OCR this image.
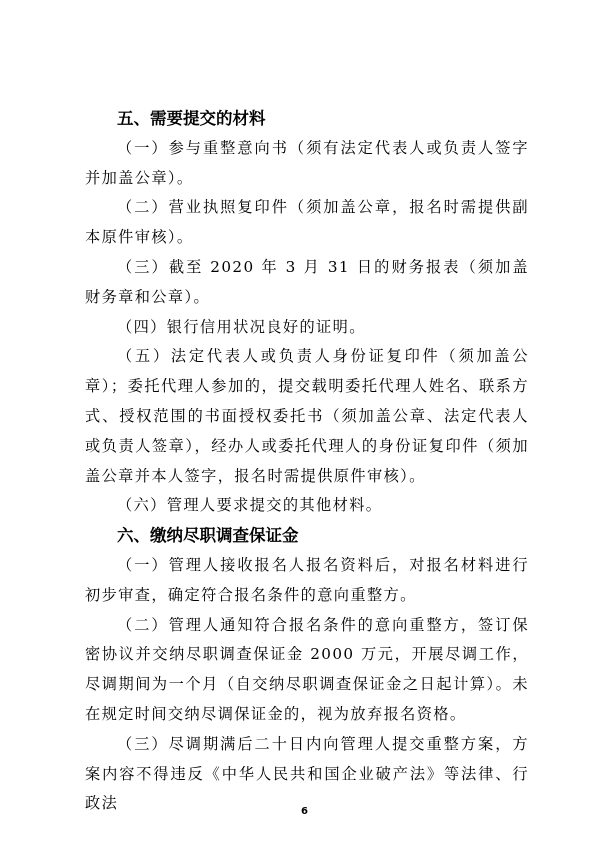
五、需要提交的材料

（一）参与重整意向书（须有法定代表人或负责人签字并加盖公章）。

（二）营业执照复印件（须加盖公章，报名时需提供副本原件审核）。

（三）截至 2020 年 3 月 31 日的财务报表（须加盖财务章和公章）。

（四）银行信用状况良好的证明。

（五）法定代表人或负责人身份证复印件（须加盖公章）；委托代理人参加的，提交载明委托代理人姓名、联系方式、授权范围的书面授权委托书（须加盖公章、法定代表人或负责人签章），经办人或委托代理人的身份证复印件（须加盖公章并本人签字，报名时需提供原件审核）。

（六）管理人要求提交的其他材料。

六、缴纳尽职调查保证金

（一）管理人接收报名人报名资料后，对报名材料进行初步审查，确定符合报名条件的意向重整方。

（二）管理人通知符合报名条件的意向重整方，签订保密协议并交纳尽职调查保证金 2000 万元，开展尽调工作，尽调期间为一个月（自交纳尽职调查保证金之日起计算）。未在规定时间交纳尽调保证金的，视为放弃报名资格。

（三）尽调期满后二十日内向管理人提交重整方案，方案内容不得违反《中华人民共和国企业破产法》等法律、行政法	6
